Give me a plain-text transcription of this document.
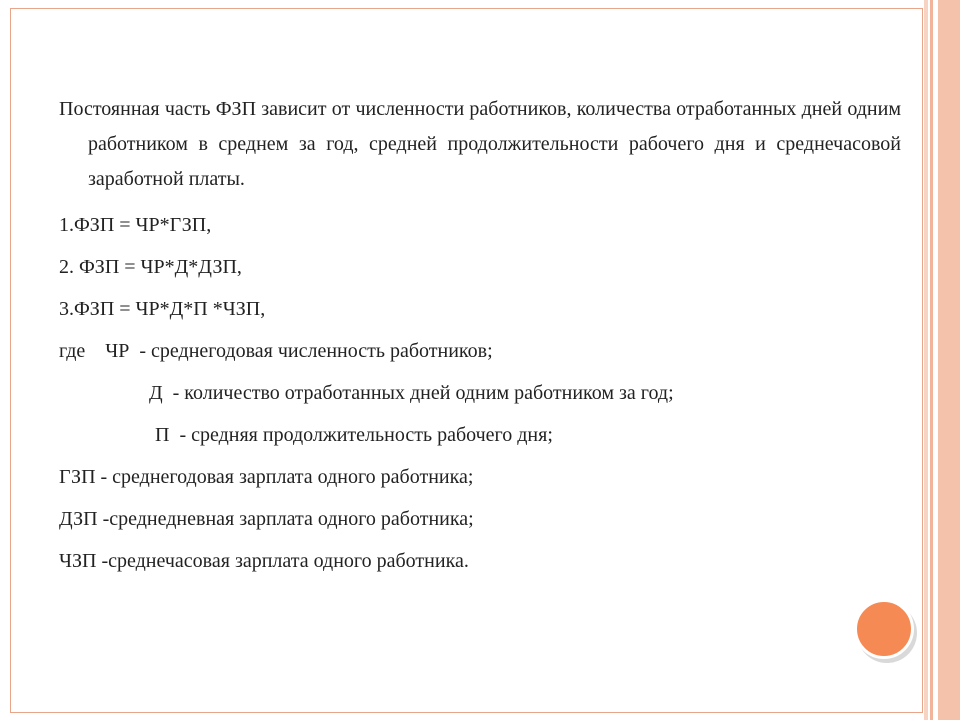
Постоянная часть ФЗП зависит от численности работников, количества отработанных дней одним работником в среднем за год, средней продолжительности рабочего дня и среднечасовой заработной платы.

1.ФЗП = ЧР*ГЗП,

2. ФЗП = ЧР*Д*ДЗП,

3.ФЗП = ЧР*Д*П *ЧЗП,

где    ЧР  - среднегодовая численность работников;

Д  - количество отработанных дней одним работником за год;

П  - средняя продолжительность рабочего дня;

ГЗП - среднегодовая зарплата одного работника;

ДЗП -среднедневная зарплата одного работника;

ЧЗП -среднечасовая зарплата одного работника.
